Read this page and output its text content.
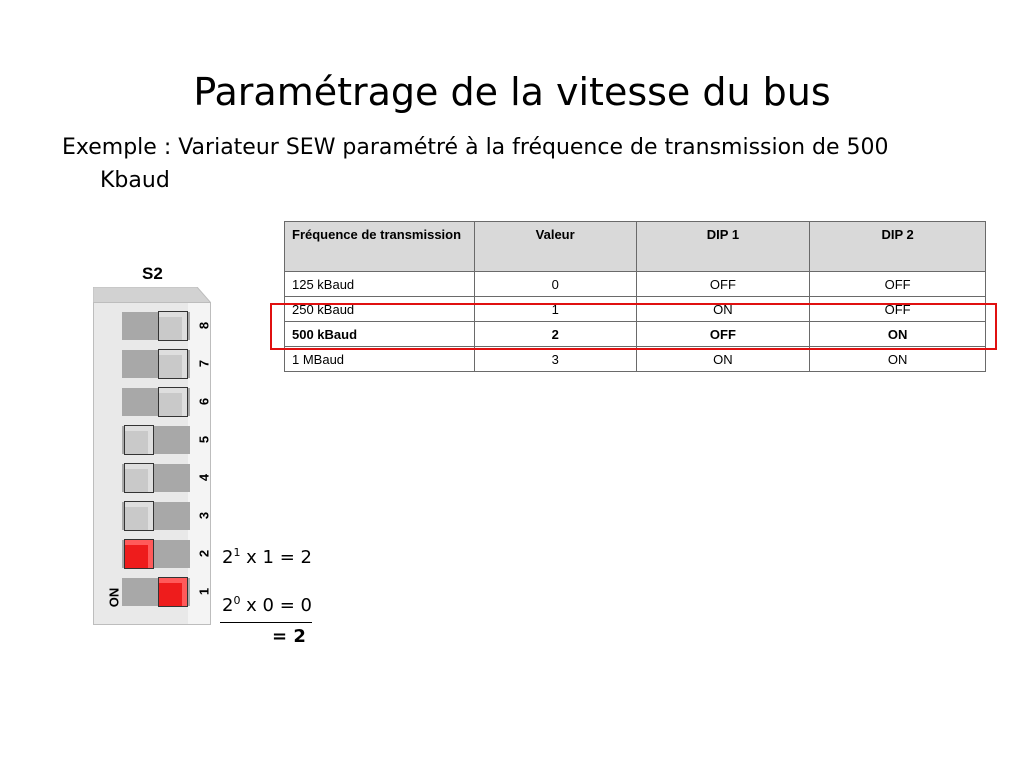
Paramétrage de la vitesse du bus
Exemple : Variateur SEW paramétré à la fréquence de transmission de 500
Kbaud
Fréquence de transmission	Valeur	DIP 1	DIP 2
125 kBaud	0	OFF	OFF
250 kBaud	1	ON	OFF
500 kBaud	2	OFF	ON
1 MBaud	3	ON	ON
S2
8
7
6
5
4
3
2
1
ON
$2^1$ x 1 = 2
$2^0$ x 0 = 0
= 2
